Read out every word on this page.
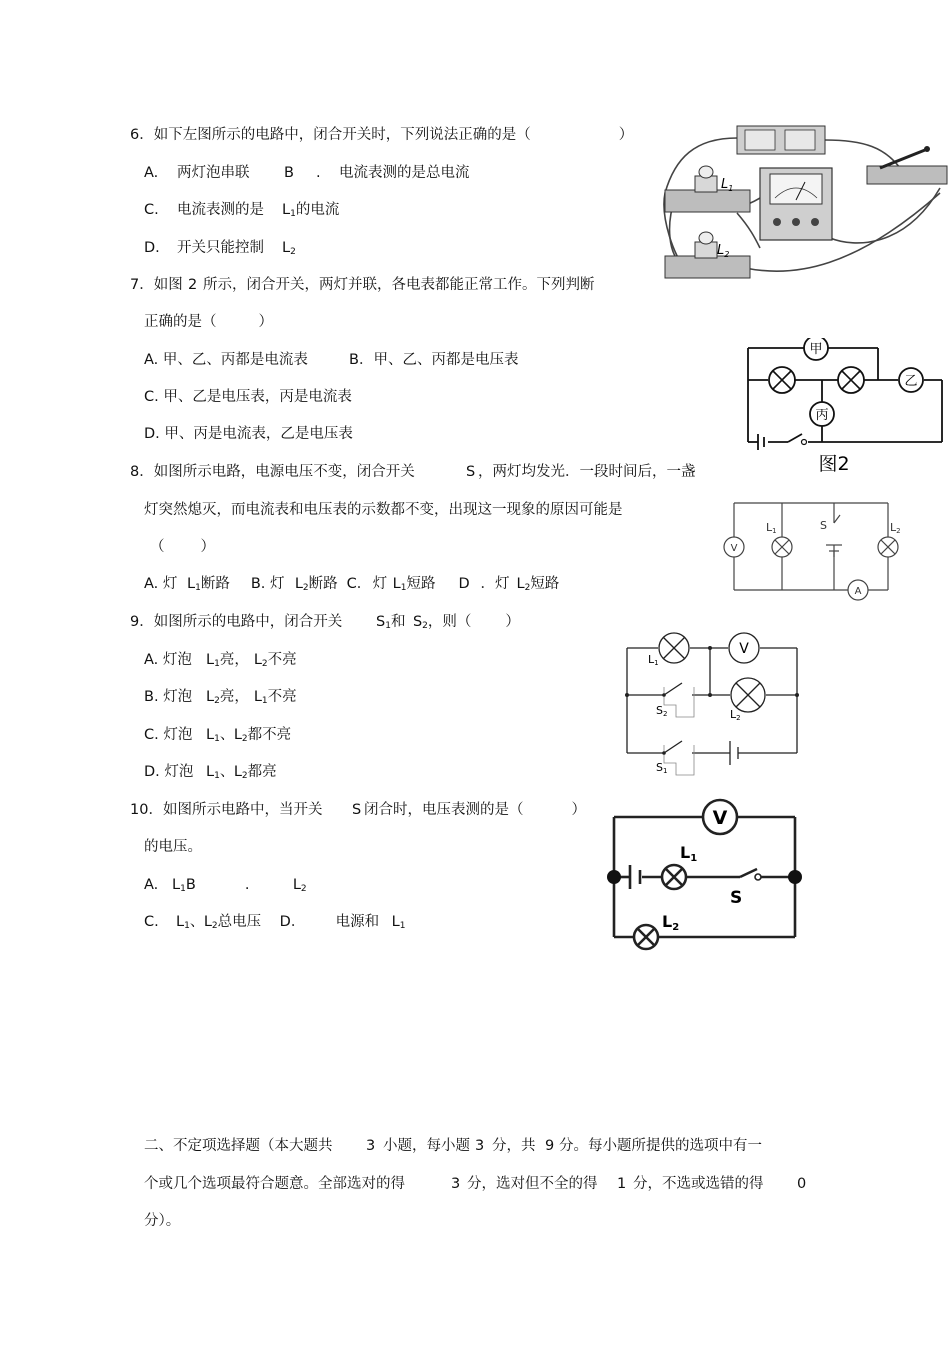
6．如下左图所示的电路中，闭合开关时，下列说法正确的是（	）
A. 两灯泡串联 B . 电流表测的是总电流
C. 电流表测的是 $L_1$的电流
D. 开关只能控制 $L_2$
$L_1$
$L_2$
7．如图 2 所示，闭合开关，两灯并联，各电表都能正常工作。下列判断
正确的是（	）
A. 甲、乙、丙都是电流表	B．甲、乙、丙都是电压表
C. 甲、乙是电压表，丙是电流表
D. 甲、丙是电流表，乙是电压表
甲
乙
丙
图2
8．如图所示电路，电源电压不变，闭合开关	S ，两灯均发光．一段时间后，一盏
灯突然熄灭，而电流表和电压表的示数都不变，出现这一现象的原因可能是
（ ）
A. 灯 $L_1$断路 B. 灯 $L_2$断路 C．灯 $L_1$短路 D ．灯 $L_2$短路
V
A
S
L1	L2
9．如图所示的电路中，闭合开关 $S_1$和 $S_2$，则（ ）
A. 灯泡 $L_1$亮， $L_2$不亮
B. 灯泡 $L_2$亮， $L_1$不亮
C. 灯泡 $L_1$、$L_2$都不亮
D. 灯泡 $L_1$、$L_2$都亮
V
L1
L2
S2
S1
10．如图所示电路中，当开关 S 闭合时，电压表测的是（	）
的电压。
A. $L_1B$	.	$L_2$
C. $L_1$、$L_2$总电压 D． 电源和 $L_1$
V
L1
L2
S
二、不定项选择题（本大题共 3 小题，每小题 3 分，共 9 分。每小题所提供的选项中有一
个或几个选项最符合题意。全部选对的得	3 分，选对但不全的得 1 分，不选或选错的得 0
分）。
